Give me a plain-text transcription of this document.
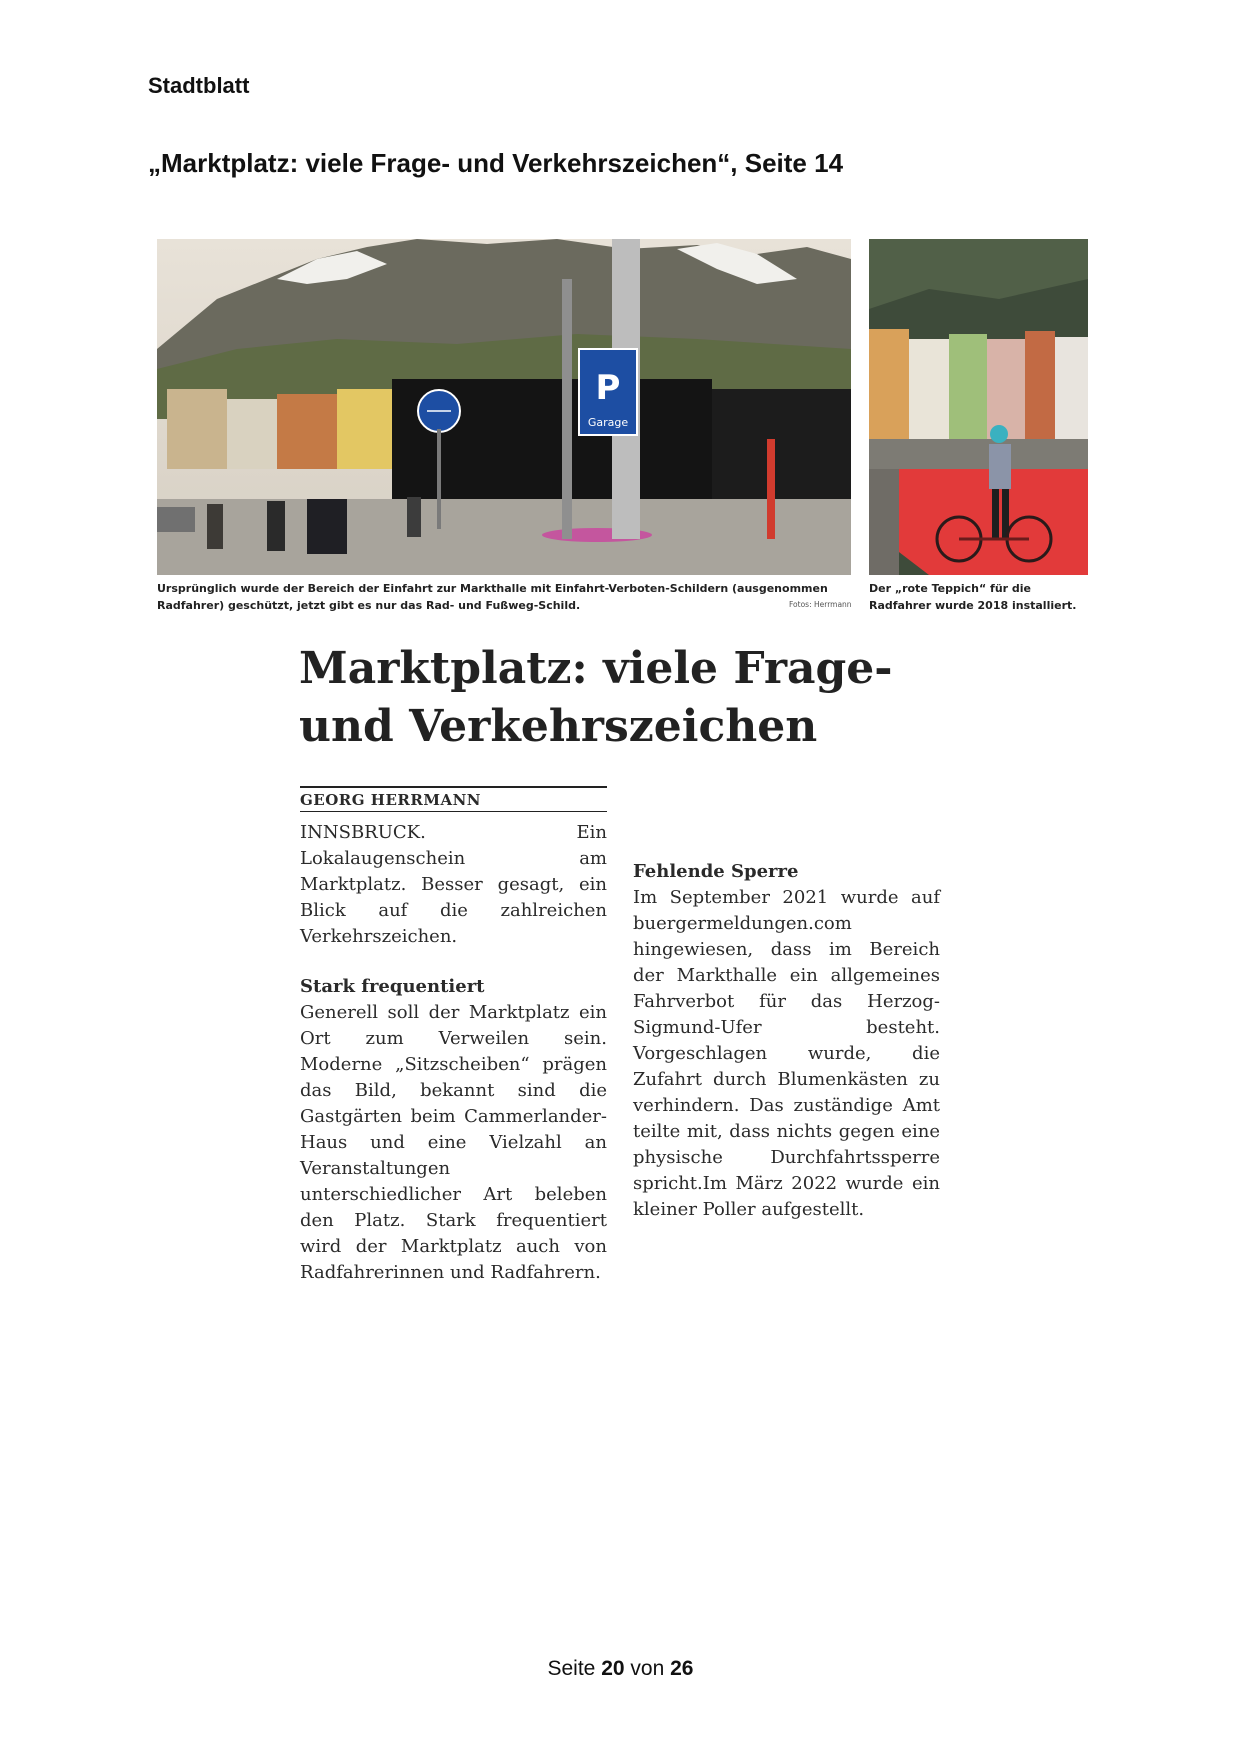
Stadtblatt
„Marktplatz: viele Frage- und Verkehrszeichen“, Seite 14
P
Garage
Ursprünglich wurde der Bereich der Einfahrt zur Markthalle mit Einfahrt-Verboten-Schildern (ausgenommen Radfahrer) geschützt, jetzt gibt es nur das Rad- und Fußweg-Schild.	Fotos: Herrmann
Der „rote Teppich“ für die Radfahrer wurde 2018 installiert.
Marktplatz: viele Frage- und Verkehrszeichen
GEORG HERRMANN

INNSBRUCK. Ein Lokalaugenschein am Marktplatz. Besser gesagt, ein Blick auf die zahlreichen Verkehrszeichen.

Stark frequentiert

Generell soll der Marktplatz ein Ort zum Verweilen sein. Moderne „Sitzscheiben“ prägen das Bild, bekannt sind die Gastgärten beim Cammerlander-Haus und eine Vielzahl an Veranstaltungen unterschiedlicher Art beleben den Platz. Stark frequentiert wird der Marktplatz auch von Radfahrerinnen und Radfahrern.

Fehlende Sperre

Im September 2021 wurde auf buergermeldungen.com hingewiesen, dass im Bereich der Markthalle ein allgemeines Fahrverbot für das Herzog-Sigmund-Ufer besteht. Vorgeschlagen wurde, die Zufahrt durch Blumenkästen zu verhindern. Das zuständige Amt teilte mit, dass nichts gegen eine physische Durchfahrtssperre spricht.Im März 2022 wurde ein kleiner Poller aufgestellt.

Seite 20 von 26
